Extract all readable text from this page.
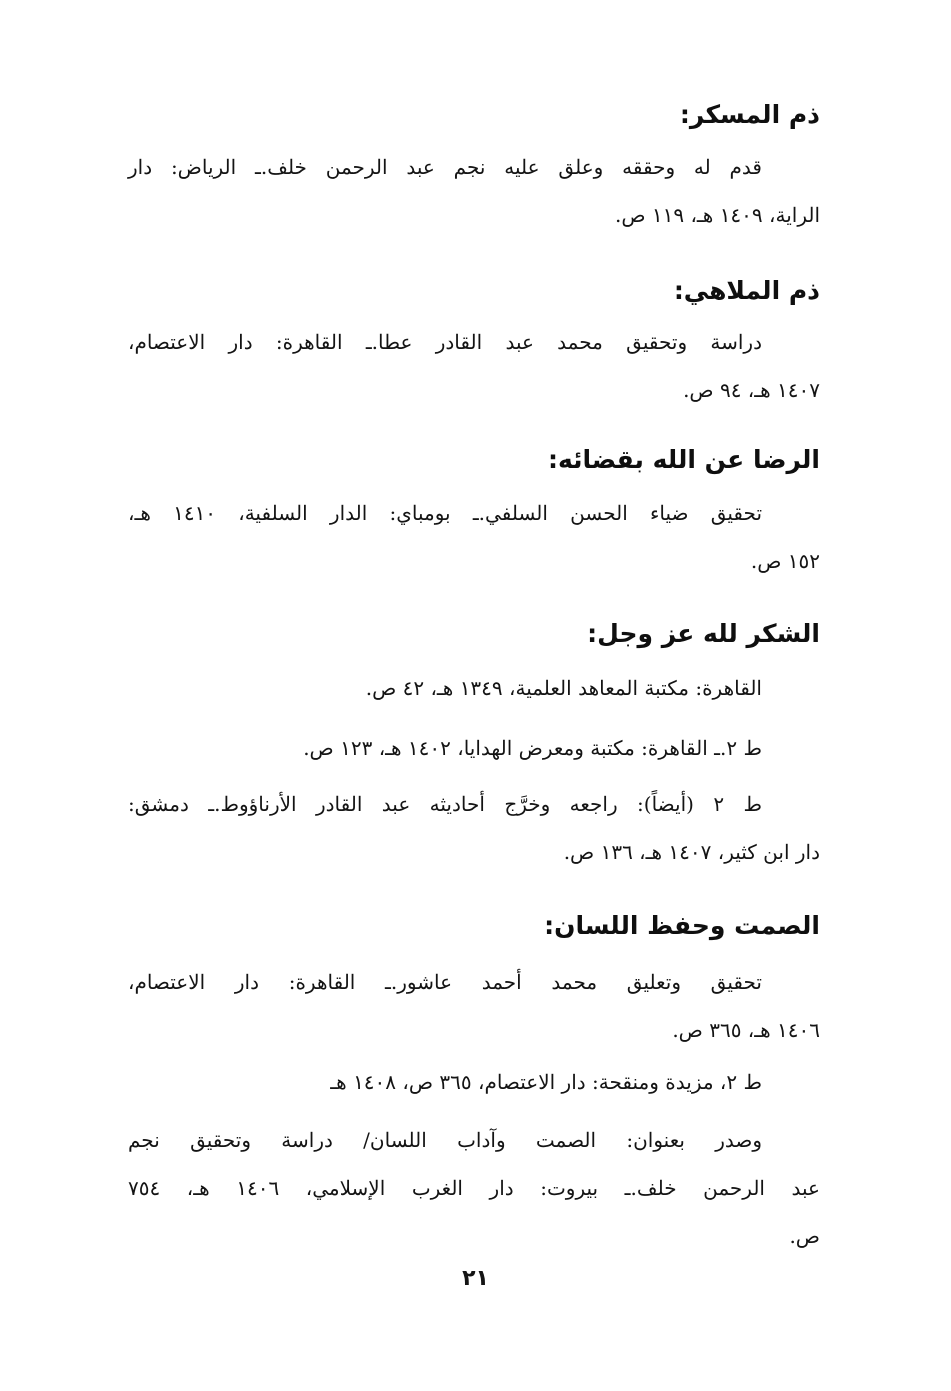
ذم المسكر:
قدم له وحققه وعلق عليه نجم عبد الرحمن خلف.ـ الرياض: دار
الراية، ١٤٠٩ هـ، ١١٩ ص.
ذم الملاهي:
دراسة وتحقيق محمد عبد القادر عطا.ـ القاهرة: دار الاعتصام،
١٤٠٧ هـ، ٩٤ ص.
الرضا عن الله بقضائه:
تحقيق ضياء الحسن السلفي.ـ بومباي: الدار السلفية، ١٤١٠ هـ،
١٥٢ ص.
الشكر لله عز وجل:
القاهرة: مكتبة المعاهد العلمية، ١٣٤٩ هـ، ٤٢ ص.
ط ٢.ـ القاهرة: مكتبة ومعرض الهدايا، ١٤٠٢ هـ، ١٢٣ ص.
ط ٢ (أيضاً): راجعه وخرَّج أحاديثه عبد القادر الأرناؤوط.ـ دمشق:
دار ابن كثير، ١٤٠٧ هـ، ١٣٦ ص.
الصمت وحفظ اللسان:
تحقيق وتعليق محمد أحمد عاشور.ـ القاهرة: دار الاعتصام،
١٤٠٦ هـ، ٣٦٥ ص.
ط ٢، مزيدة ومنقحة: دار الاعتصام، ٣٦٥ ص، ١٤٠٨ هـ
وصدر بعنوان: الصمت وآداب اللسان/ دراسة وتحقيق نجم
عبد الرحمن خلف.ـ بيروت: دار الغرب الإسلامي، ١٤٠٦ هـ، ٧٥٤
ص.
٢١
